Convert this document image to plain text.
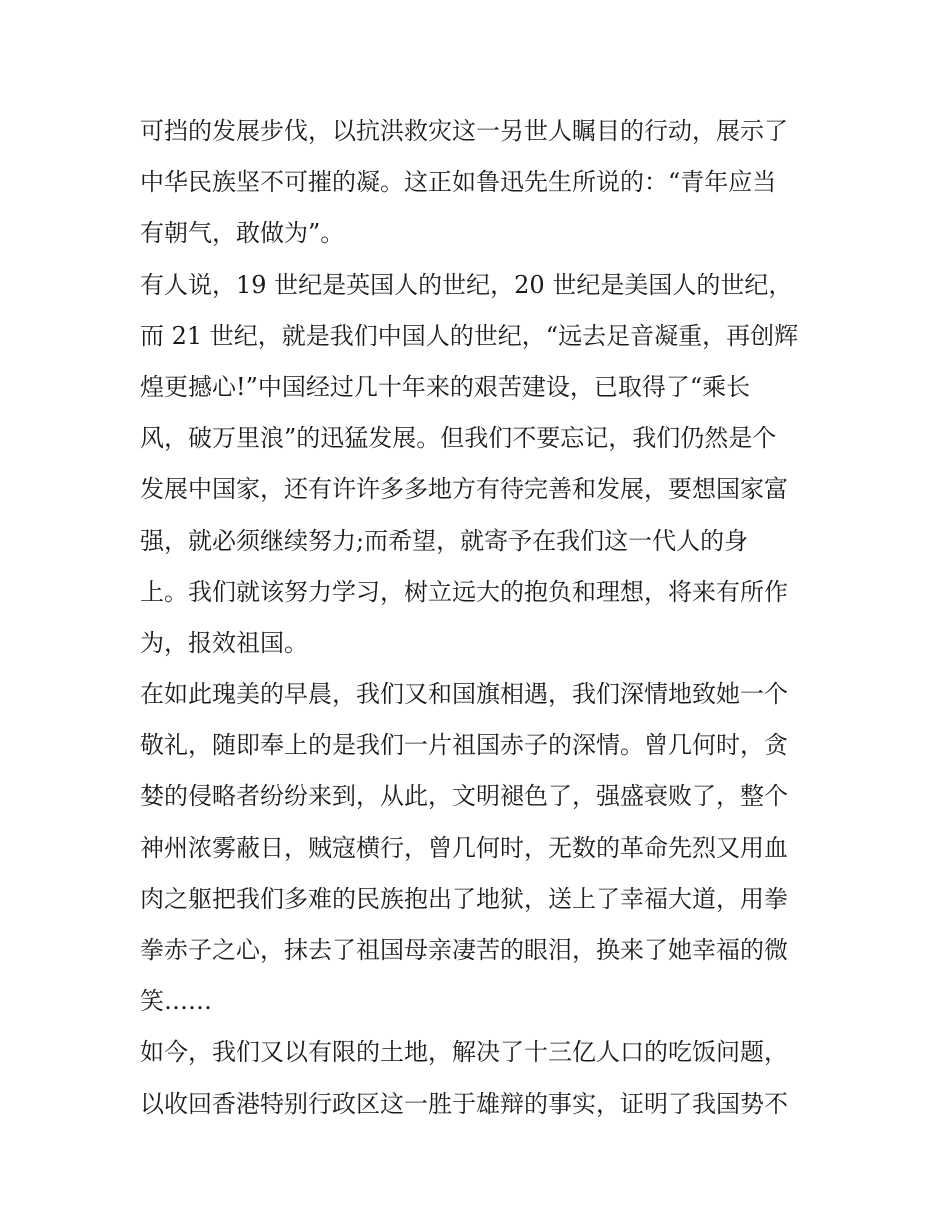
可挡的发展步伐，以抗洪救灾这一另世人瞩目的行动，展示了
中华民族坚不可摧的凝。这正如鲁迅先生所说的：“青年应当
有朝气，敢做为”。
有人说，19 世纪是英国人的世纪，20 世纪是美国人的世纪，
而 21 世纪，就是我们中国人的世纪，“远去足音凝重，再创辉
煌更撼心!”中国经过几十年来的艰苦建设，已取得了“乘长
风，破万里浪”的迅猛发展。但我们不要忘记，我们仍然是个
发展中国家，还有许许多多地方有待完善和发展，要想国家富
强，就必须继续努力;而希望，就寄予在我们这一代人的身
上。我们就该努力学习，树立远大的抱负和理想，将来有所作
为，报效祖国。
在如此瑰美的早晨，我们又和国旗相遇，我们深情地致她一个
敬礼，随即奉上的是我们一片祖国赤子的深情。曾几何时，贪
婪的侵略者纷纷来到，从此，文明褪色了，强盛衰败了，整个
神州浓雾蔽日，贼寇横行，曾几何时，无数的革命先烈又用血
肉之躯把我们多难的民族抱出了地狱，送上了幸福大道，用拳
拳赤子之心，抹去了祖国母亲凄苦的眼泪，换来了她幸福的微
笑……
如今，我们又以有限的土地，解决了十三亿人口的吃饭问题，
以收回香港特别行政区这一胜于雄辩的事实，证明了我国势不
